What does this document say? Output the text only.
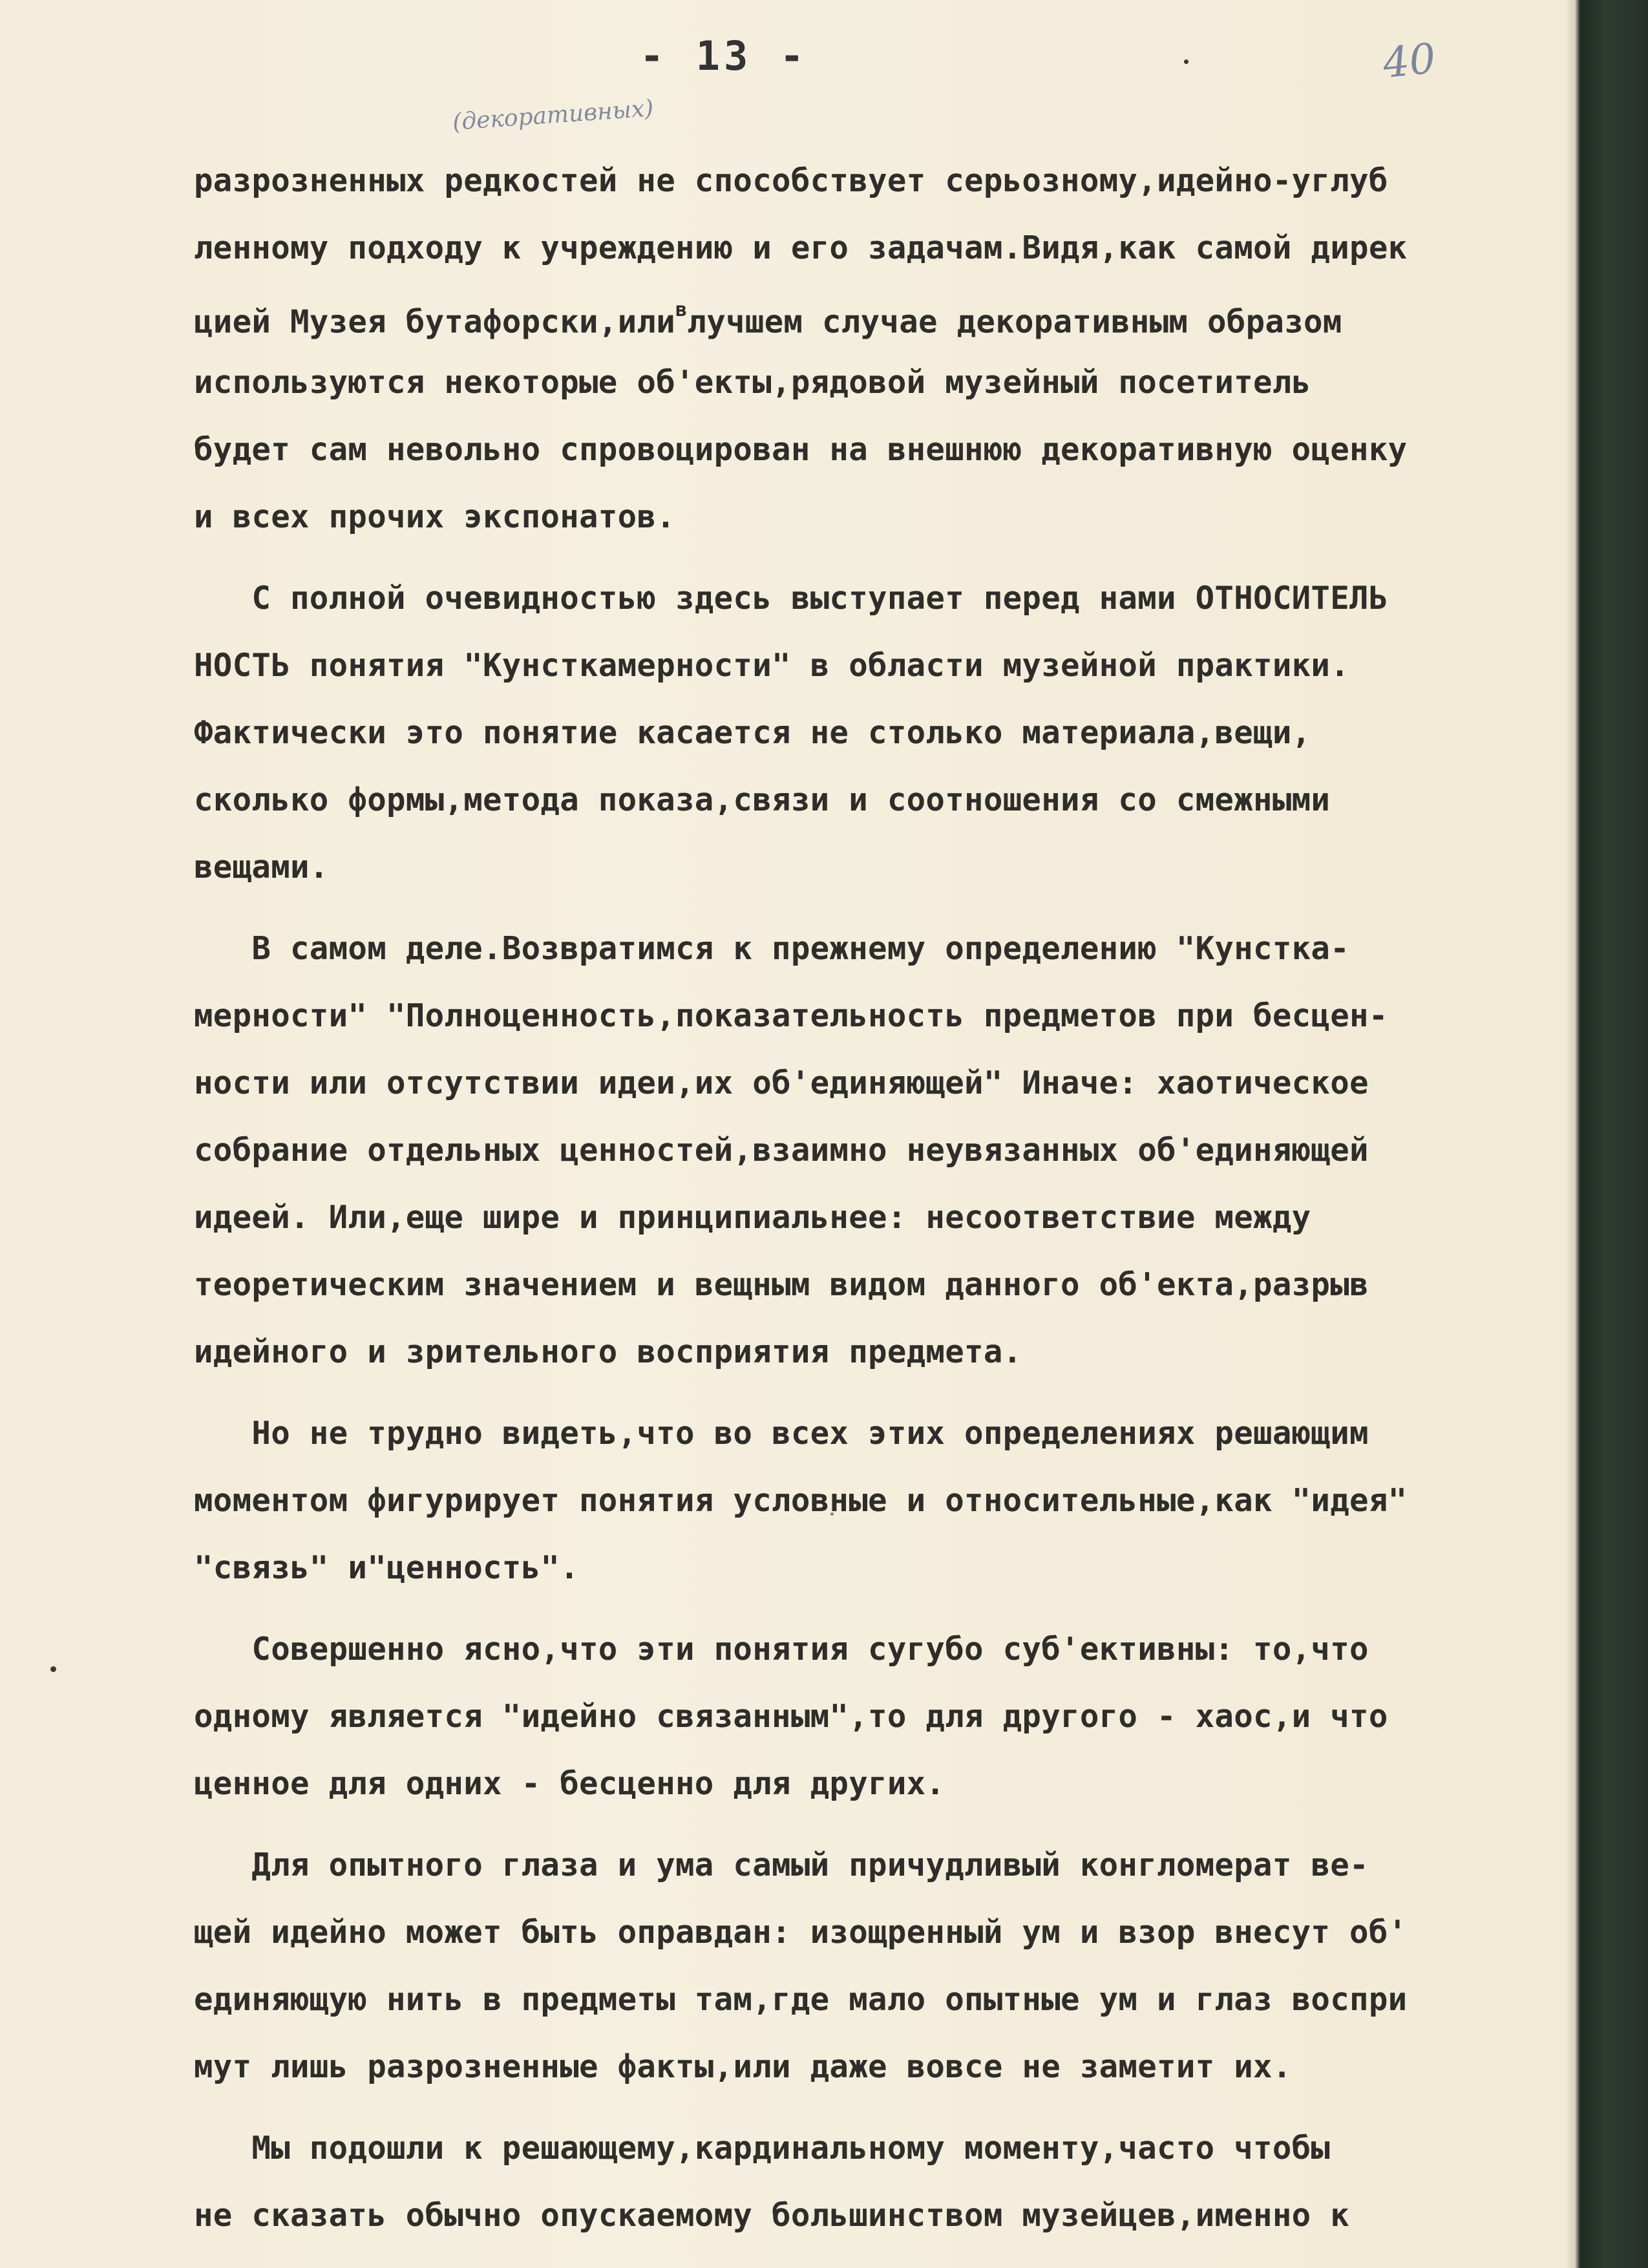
- 13 -	40
(декоративных)
разрозненных редкостей не способствует серьозному,идейно-углуб
ленному подходу к учреждению и его задачам.Видя,как самой дирек
цией Музея бутафорски,или$^в$лучшем случае декоративным образом
используются некоторые об'екты,рядовой музейный посетитель
будет сам невольно спровоцирован на внешнюю декоративную оценку
и всех прочих экспонатов.
С полной очевидностью здесь выступает перед нами ОТНОСИТЕЛЬ
НОСТЬ понятия "Кунсткамерности" в области музейной практики.
Фактически это понятие касается не столько материала,вещи,
сколько формы,метода показа,связи и соотношения со смежными
вещами.
В самом деле.Возвратимся к прежнему определению "Кунстка-
мерности" "Полноценность,показательность предметов при бесцен-
ности или отсутствии идеи,их об'единяющей" Иначе: хаотическое
собрание отдельных ценностей,взаимно неувязанных об'единяющей
идеей. Или,еще шире и принципиальнее: несоответствие между
теоретическим значением и вещным видом данного об'екта,разрыв
идейного и зрительного восприятия предмета.
Но не трудно видеть,что во всех этих определениях решающим
моментом фигурирует понятия условные и относительные,как "идея"
"связь" и"ценность".
Совершенно ясно,что эти понятия сугубо суб'ективны: то,что
одному является "идейно связанным",то для другого - хаос,и что
ценное для одних - бесценно для других.
Для опытного глаза и ума самый причудливый конгломерат ве-
щей идейно может быть оправдан: изощренный ум и взор внесут об'
единяющую нить в предметы там,где мало опытные ум и глаз воспри
мут лишь разрозненные факты,или даже вовсе не заметит их.
Мы подошли к решающему,кардинальному моменту,часто чтобы
не сказать обычно опускаемому большинством музейцев,именно к
